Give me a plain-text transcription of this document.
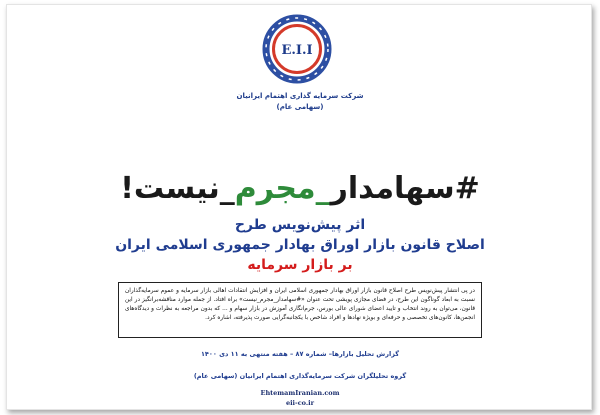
E.I.I
شرکت سرمایه گذاری اهتمام ایرانیان
(سهامی عام)
#سهامدار_مجرم_نیست!
اثر پیش‌نویس طرح
اصلاح قانون بازار اوراق بهادار جمهوری اسلامی ایران
بر بازار سرمایه
در پی انتشار پیش‌نویس طرح اصلاح قانون بازار اوراق بهادار جمهوری اسلامی ایران و افزایش انتقادات اهالی بازار سرمایه و عموم سرمایه‌گذاران نسبت به ابعاد گوناگون این طرح، در فضای مجازی پویشی تحت عنوان «#سهامدار_مجرم_نیست» براه افتاد. از جمله موارد مناقشه‌برانگیز در این قانون، می‌توان به روند انتخاب و تایید اعضای شورای عالی بورس، جرم‌انگاری آموزش در بازار سهام و ... که بدون مراجعه به نظرات و دیدگاه‌های انجمن‌ها، کانون‌های تخصصی و حرفه‌ای و بویژه نهادها و افراد شاخص با یکجانبه‌گرایی صورت پذیرفته، اشاره کرد.
گزارش تحلیل بازارها– شماره ۸۷ – هفته منتهی به ۱۱ دی ۱۴۰۰
گروه تحلیلگران شرکت سرمایه‌گذاری اهتمام ایرانیان (سهامی عام)
EhtemamIranian.com
eii-co.ir
